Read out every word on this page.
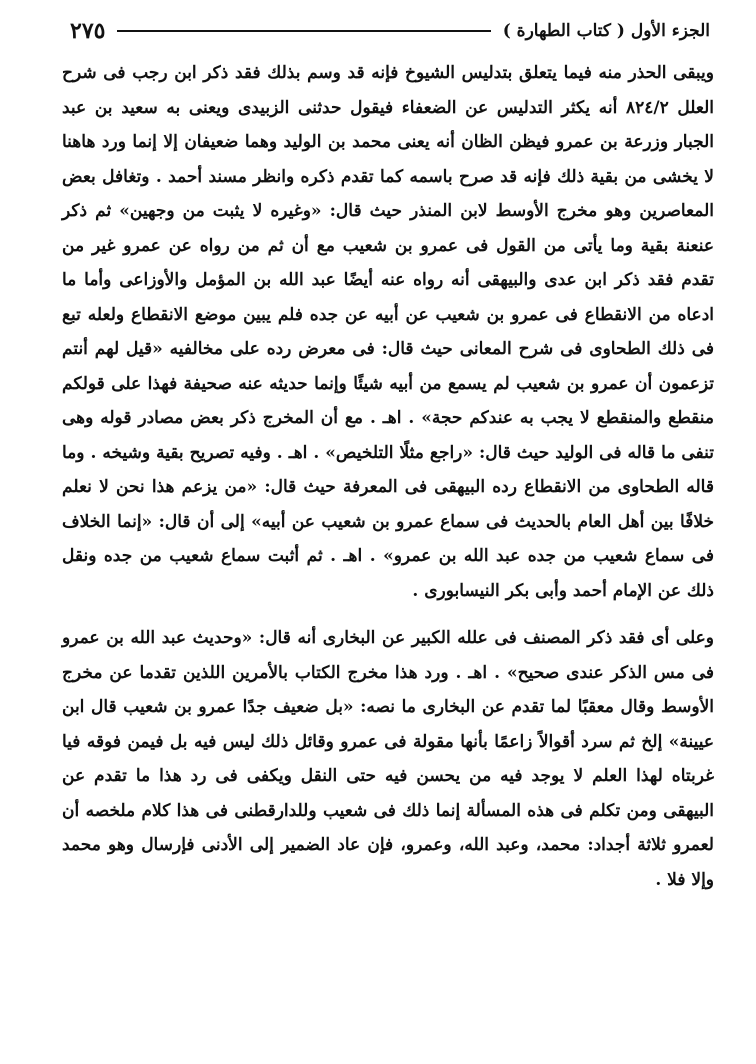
الجزء الأول ( كتاب الطهارة )
٢٧٥

ويبقى الحذر منه فيما يتعلق بتدليس الشيوخ فإنه قد وسم بذلك فقد ذكر ابن رجب فى شرح العلل ٨٢٤/٢ أنه يكثر التدليس عن الضعفاء فيقول حدثنى الزبيدى ويعنى به سعيد بن عبد الجبار وزرعة بن عمرو فيظن الظان أنه يعنى محمد بن الوليد وهما ضعيفان إلا إنما ورد هاهنا لا يخشى من بقية ذلك فإنه قد صرح باسمه كما تقدم ذكره وانظر مسند أحمد . وتغافل بعض المعاصرين وهو مخرج الأوسط لابن المنذر حيث قال: «وغيره لا يثبت من وجهين» ثم ذكر عنعنة بقية وما يأتى من القول فى عمرو بن شعيب مع أن ثم من رواه عن عمرو غير من تقدم فقد ذكر ابن عدى والبيهقى أنه رواه عنه أيضًا عبد الله بن المؤمل والأوزاعى وأما ما ادعاه من الانقطاع فى عمرو بن شعيب عن أبيه عن جده فلم يبين موضع الانقطاع ولعله تبع فى ذلك الطحاوى فى شرح المعانى حيث قال: فى معرض رده على مخالفيه «قيل لهم أنتم تزعمون أن عمرو بن شعيب لم يسمع من أبيه شيئًا وإنما حديثه عنه صحيفة فهذا على قولكم منقطع والمنقطع لا يجب به عندكم حجة» . اهـ . مع أن المخرج ذكر بعض مصادر قوله وهى تنفى ما قاله فى الوليد حيث قال: «راجع مثلًا التلخيص» . اهـ . وفيه تصريح بقية وشيخه . وما قاله الطحاوى من الانقطاع رده البيهقى فى المعرفة حيث قال: «من يزعم هذا نحن لا نعلم خلافًا بين أهل العام بالحديث فى سماع عمرو بن شعيب عن أبيه» إلى أن قال: «إنما الخلاف فى سماع شعيب من جده عبد الله بن عمرو» . اهـ . ثم أثبت سماع شعيب من جده ونقل ذلك عن الإمام أحمد وأبى بكر النيسابورى .

وعلى أى فقد ذكر المصنف فى علله الكبير عن البخارى أنه قال: «وحديث عبد الله بن عمرو فى مس الذكر عندى صحيح» . اهـ . ورد هذا مخرج الكتاب بالأمرين اللذين تقدما عن مخرج الأوسط وقال معقبًا لما تقدم عن البخارى ما نصه: «بل ضعيف جدًا عمرو بن شعيب قال ابن عيينة» إلخ ثم سرد أقوالاً زاعمًا بأنها مقولة فى عمرو وقائل ذلك ليس فيه بل فيمن فوقه فيا غربتاه لهذا العلم لا يوجد فيه من يحسن فيه حتى النقل ويكفى فى رد هذا ما تقدم عن البيهقى ومن تكلم فى هذه المسألة إنما ذلك فى شعيب وللدارقطنى فى هذا كلام ملخصه أن لعمرو ثلاثة أجداد: محمد، وعبد الله، وعمرو، فإن عاد الضمير إلى الأدنى فإرسال وهو محمد وإلا فلا .
